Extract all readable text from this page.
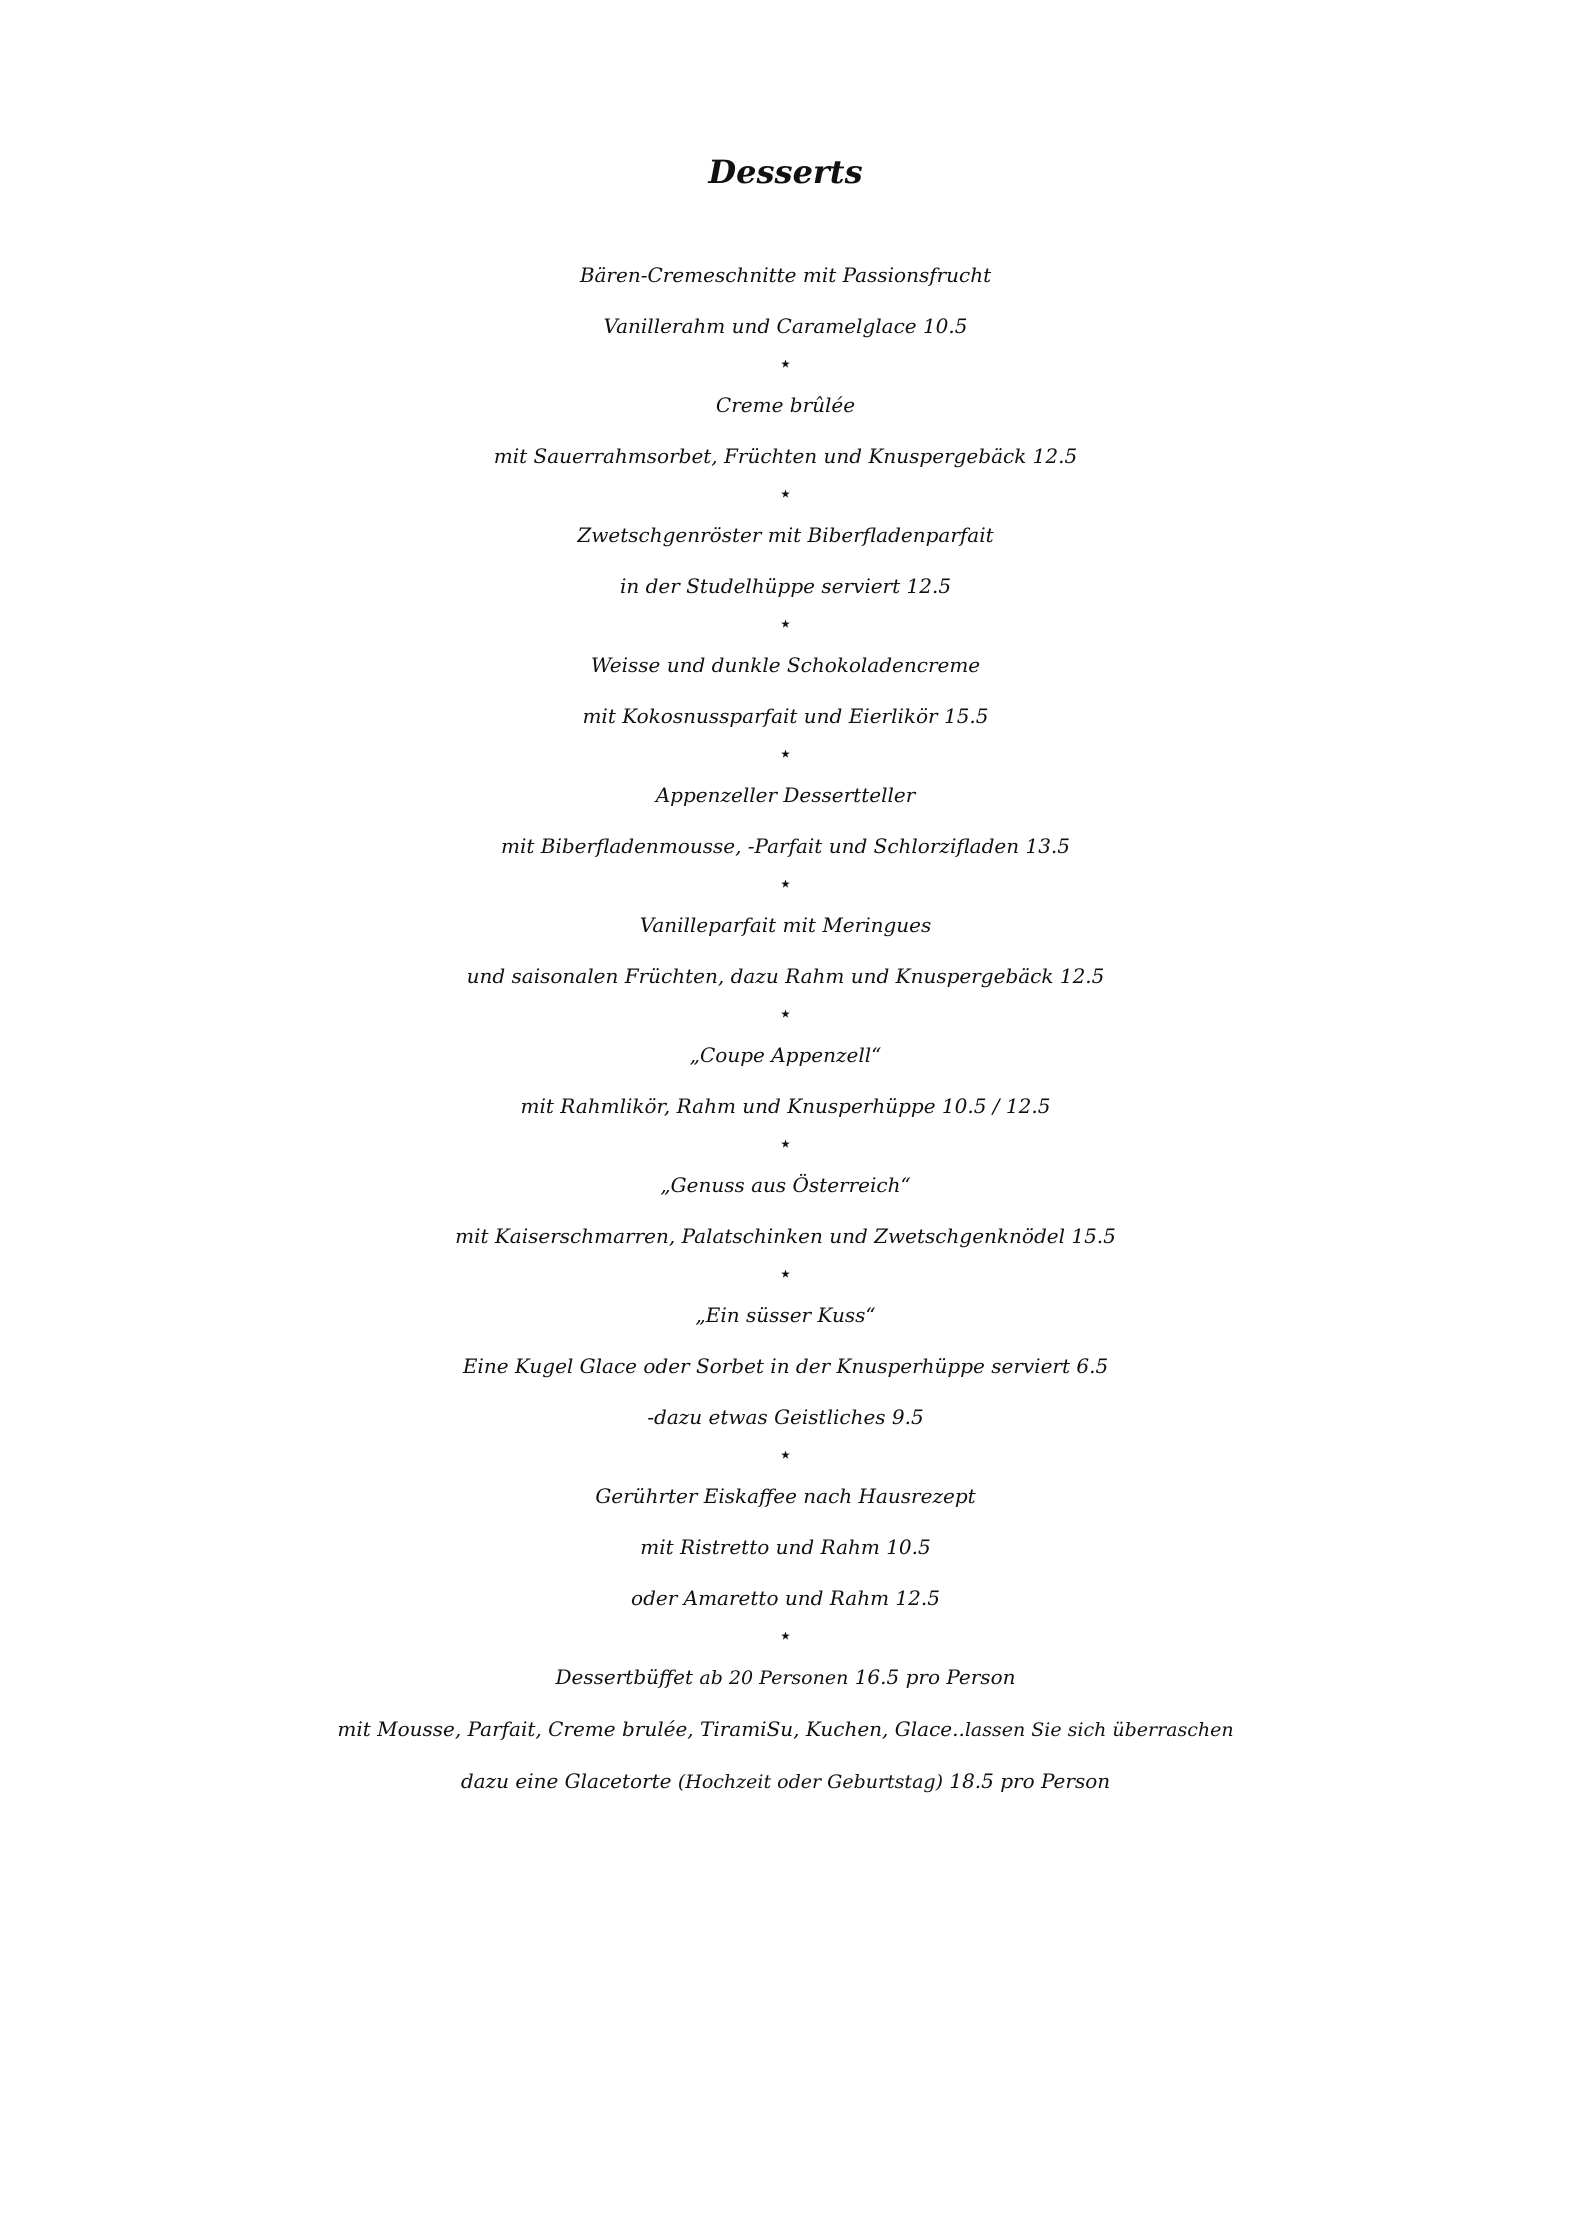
Desserts
Bären-Cremeschnitte mit Passionsfrucht
Vanillerahm und Caramelglace 10.5
⭑
Creme brûlée
mit Sauerrahmsorbet, Früchten und Knuspergebäck 12.5
⭑
Zwetschgenröster mit Biberfladenparfait
in der Studelhüppe serviert 12.5
⭑
Weisse und dunkle Schokoladencreme
mit Kokosnussparfait und Eierlikör 15.5
⭑
Appenzeller Dessertteller
mit Biberfladenmousse, -Parfait und Schlorzifladen 13.5
⭑
Vanilleparfait mit Meringues
und saisonalen Früchten, dazu Rahm und Knuspergebäck 12.5
⭑
„Coupe Appenzell“
mit Rahmlikör, Rahm und Knusperhüppe 10.5 / 12.5
⭑
„Genuss aus Österreich“
mit Kaiserschmarren, Palatschinken und Zwetschgenknödel 15.5
⭑
„Ein süsser Kuss“
Eine Kugel Glace oder Sorbet in der Knusperhüppe serviert 6.5
-dazu etwas Geistliches 9.5
⭑
Gerührter Eiskaffee nach Hausrezept
mit Ristretto und Rahm 10.5
oder Amaretto und Rahm 12.5
⭑
Dessertbüffet ab 20 Personen 16.5 pro Person
mit Mousse, Parfait, Creme brulée, TiramiSu, Kuchen, Glace..lassen Sie sich überraschen
dazu eine Glacetorte (Hochzeit oder Geburtstag) 18.5 pro Person
